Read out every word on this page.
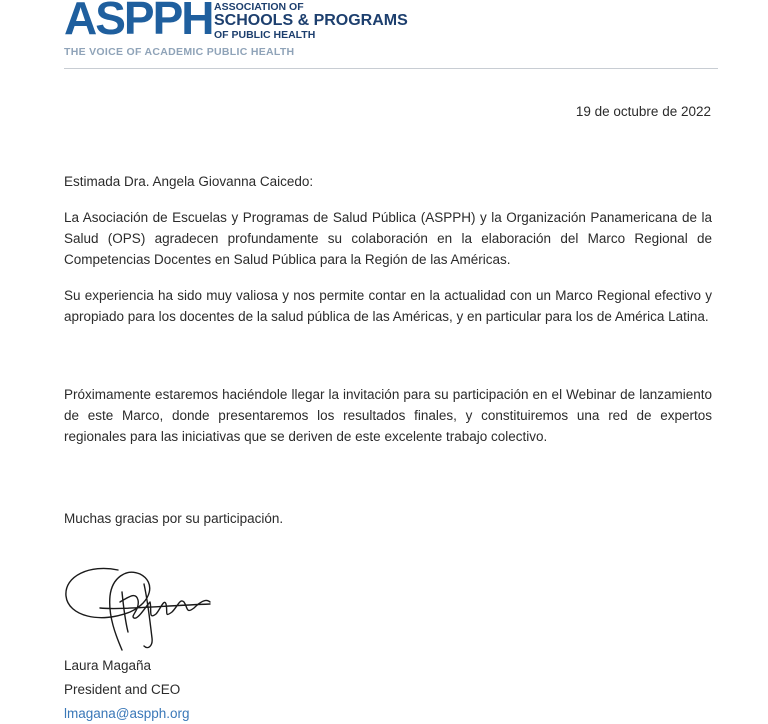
ASPPH ASSOCIATION OF
SCHOOLS & PROGRAMS
OF PUBLIC HEALTH
THE VOICE OF ACADEMIC PUBLIC HEALTH
19 de octubre de 2022
Estimada Dra. Angela Giovanna Caicedo:
La Asociación de Escuelas y Programas de Salud Pública (ASPPH) y la Organización Panamericana de la Salud (OPS) agradecen profundamente su colaboración en la elaboración del Marco Regional de Competencias Docentes en Salud Pública para la Región de las Américas.
Su experiencia ha sido muy valiosa y nos permite contar en la actualidad con un Marco Regional efectivo y apropiado para los docentes de la salud pública de las Américas, y en particular para los de América Latina.
Próximamente estaremos haciéndole llegar la invitación para su participación en el Webinar de lanzamiento de este Marco, donde presentaremos los resultados finales, y constituiremos una red de expertos regionales para las iniciativas que se deriven de este excelente trabajo colectivo.
Muchas gracias por su participación.
Laura Magaña
President and CEO
lmagana@aspph.org
